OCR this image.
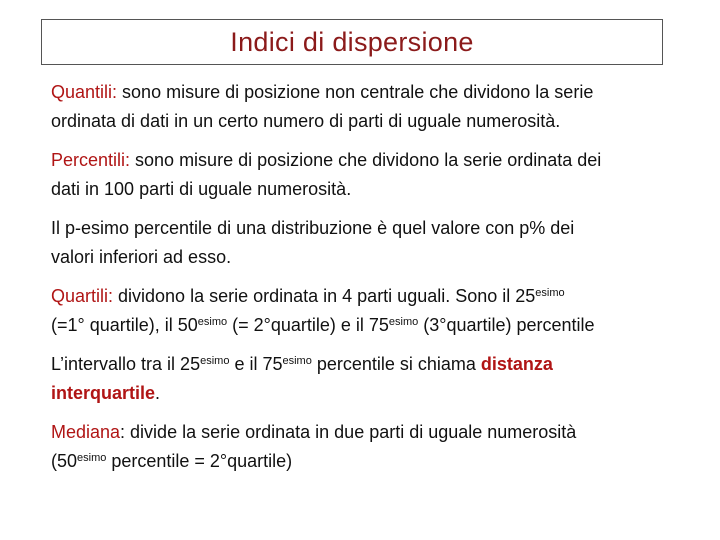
Indici di dispersione

Quantili: sono misure di posizione non centrale che dividono la serie
ordinata di dati in un certo numero di parti di uguale numerosità.

Percentili: sono misure di posizione che dividono la serie ordinata dei
dati in 100 parti di uguale numerosità.

Il p-esimo percentile di una distribuzione è quel valore con p% dei
valori inferiori ad esso.

Quartili: dividono la serie ordinata in 4 parti uguali. Sono il $25^{esimo}$
(=1° quartile), il $50^{esimo}$ (= 2°quartile) e il $75^{esimo}$ (3°quartile) percentile

L’intervallo tra il $25^{esimo}$ e il $75^{esimo}$ percentile si chiama distanza
interquartile.

Mediana: divide la serie ordinata in due parti di uguale numerosità
($50^{esimo}$ percentile = 2°quartile)
